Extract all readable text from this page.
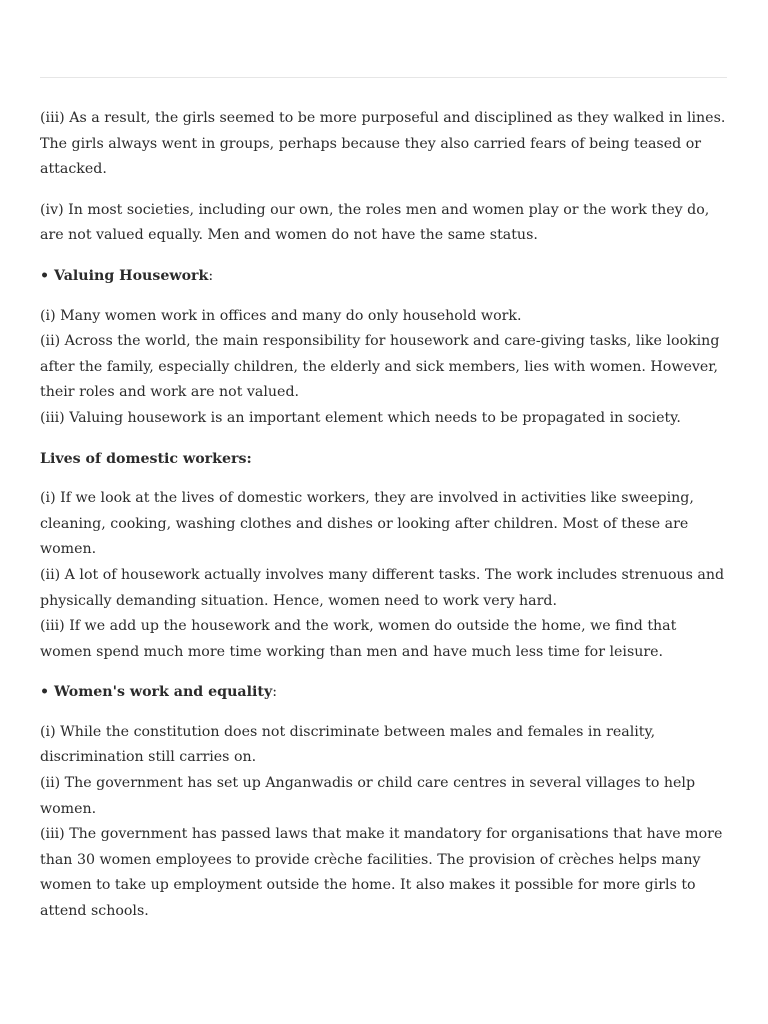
(iii) As a result, the girls seemed to be more purposeful and disciplined as they walked in lines. The girls always went in groups, perhaps because they also carried fears of being teased or attacked.

(iv) In most societies, including our own, the roles men and women play or the work they do, are not valued equally. Men and women do not have the same status.

• Valuing Housework:

(i) Many women work in offices and many do only household work.
(ii) Across the world, the main responsibility for housework and care-giving tasks, like looking after the family, especially children, the elderly and sick members, lies with women. However, their roles and work are not valued.
(iii) Valuing housework is an important element which needs to be propagated in society.

Lives of domestic workers:

(i) If we look at the lives of domestic workers, they are involved in activities like sweeping, cleaning, cooking, washing clothes and dishes or looking after children. Most of these are women.
(ii) A lot of housework actually involves many different tasks. The work includes strenuous and physically demanding situation. Hence, women need to work very hard.
(iii) If we add up the housework and the work, women do outside the home, we find that women spend much more time working than men and have much less time for leisure.

• Women's work and equality:

(i) While the constitution does not discriminate between males and females in reality, discrimination still carries on.
(ii) The government has set up Anganwadis or child care centres in several villages to help women.
(iii) The government has passed laws that make it mandatory for organisations that have more than 30 women employees to provide crèche facilities. The provision of crèches helps many women to take up employment outside the home. It also makes it possible for more girls to attend schools.
